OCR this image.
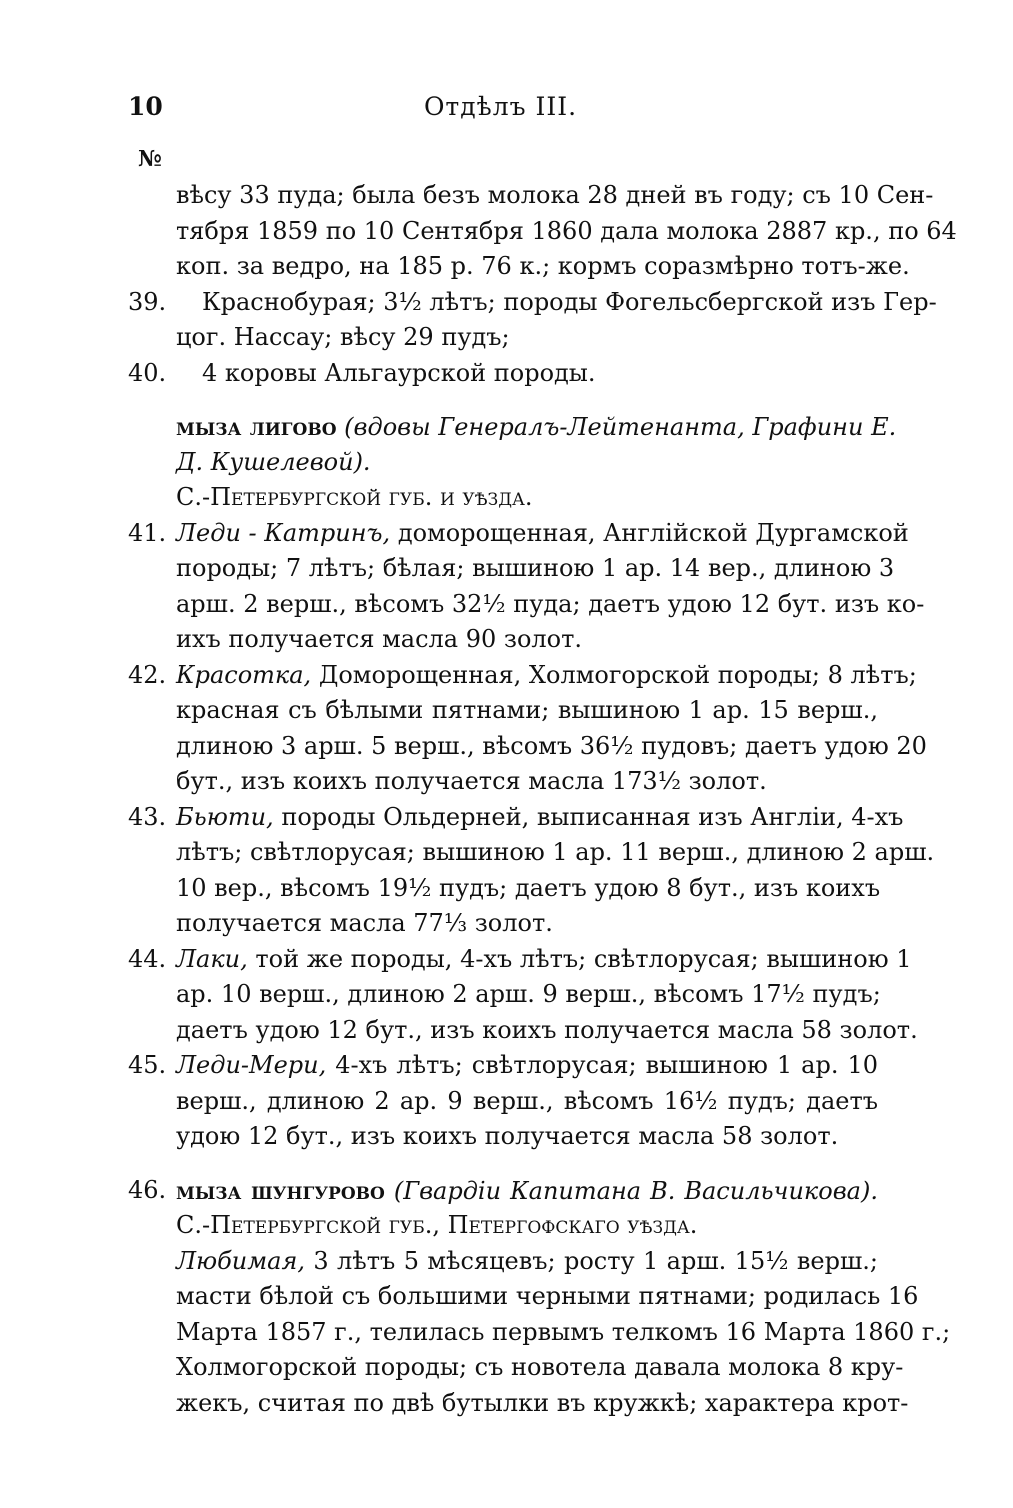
10	Отдѣлъ III.
№
вѣсу 33 пуда; была безъ молока 28 дней въ году; съ 10 Сен-
тября 1859 по 10 Сентября 1860 дала молока 2887 кр., по 64
коп. за ведро, на 185 р. 76 к.; кормъ соразмѣрно тотъ-же.
39. Краснобурая; 3½ лѣтъ; породы Фогельсбергской изъ Гер-
цог. Нассау; вѣсу 29 пудъ;
40. 4 коровы Альгаурской породы.
мыза лигово (вдовы Генералъ-Лейтенанта, Графини Е.
Д. Кушелевой).
С.-Петербургской губ. и уѣзда.
41. Леди - Катринъ, доморощенная, Англійской Дургамской
породы; 7 лѣтъ; бѣлая; вышиною 1 ар. 14 вер., длиною 3
арш. 2 верш., вѣсомъ 32½ пуда; даетъ удою 12 бут. изъ ко-
ихъ получается масла 90 золот.
42. Красотка, Доморощенная, Холмогорской породы; 8 лѣтъ;
красная съ бѣлыми пятнами; вышиною 1 ар. 15 верш.,
длиною 3 арш. 5 верш., вѣсомъ 36½ пудовъ; даетъ удою 20
бут., изъ коихъ получается масла 173½ золот.
43. Бьюти, породы Ольдерней, выписанная изъ Англіи, 4-хъ
лѣтъ; свѣтлорусая; вышиною 1 ар. 11 верш., длиною 2 арш.
10 вер., вѣсомъ 19½ пудъ; даетъ удою 8 бут., изъ коихъ
получается масла 77⅓ золот.
44. Лаки, той же породы, 4-хъ лѣтъ; свѣтлорусая; вышиною 1
ар. 10 верш., длиною 2 арш. 9 верш., вѣсомъ 17½ пудъ;
даетъ удою 12 бут., изъ коихъ получается масла 58 золот.
45. Леди-Мери, 4-хъ лѣтъ; свѣтлорусая; вышиною 1 ар. 10
верш., длиною 2 ар. 9 верш., вѣсомъ 16½ пудъ; даетъ
удою 12 бут., изъ коихъ получается масла 58 золот.
46. мыза шунгурово (Гвардіи Капитана В. Васильчикова).
С.-Петербургской губ., Петергофскаго уѣзда.
Любимая, 3 лѣтъ 5 мѣсяцевъ; росту 1 арш. 15½ верш.;
масти бѣлой съ большими черными пятнами; родилась 16
Марта 1857 г., телилась первымъ телкомъ 16 Марта 1860 г.;
Холмогорской породы; съ новотела давала молока 8 кру-
жекъ, считая по двѣ бутылки въ кружкѣ; характера крот-
